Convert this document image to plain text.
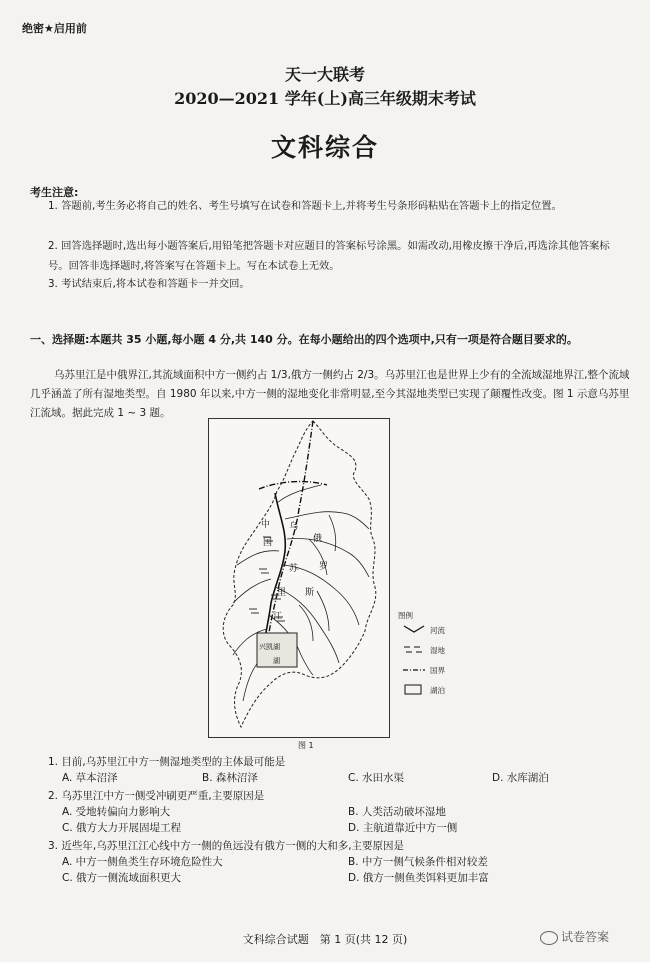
绝密★启用前
天一大联考
2020—2021 学年(上)高三年级期末考试
文科综合
考生注意:
1. 答题前,考生务必将自己的姓名、考生号填写在试卷和答题卡上,并将考生号条形码粘贴在答题卡上的指定位置。
2. 回答选择题时,选出每小题答案后,用铅笔把答题卡对应题目的答案标号涂黑。如需改动,用橡皮擦干净后,再选涂其他答案标号。回答非选择题时,将答案写在答题卡上。写在本试卷上无效。
3. 考试结束后,将本试卷和答题卡一并交回。
一、选择题:本题共 35 小题,每小题 4 分,共 140 分。在每小题给出的四个选项中,只有一项是符合题目要求的。
乌苏里江是中俄界江,其流域面积中方一侧约占 1/3,俄方一侧约占 2/3。乌苏里江也是世界上少有的全流域湿地界江,整个流域几乎涵盖了所有湿地类型。自 1980 年以来,中方一侧的湿地变化非常明显,至今其湿地类型已实现了颠覆性改变。图 1 示意乌苏里江流域。据此完成 1 ~ 3 题。
中
国
乌
俄
苏 罗
里 斯
江
兴凯湖
湖
图例
河流
湿地
国界
湖泊
图 1
1. 目前,乌苏里江中方一侧湿地类型的主体最可能是
A. 草本沼泽	B. 森林沼泽	C. 水田水渠	D. 水库湖泊
2. 乌苏里江中方一侧受冲刷更严重,主要原因是
A. 受地转偏向力影响大	B. 人类活动破坏湿地
C. 俄方大力开展固堤工程	D. 主航道靠近中方一侧
3. 近些年,乌苏里江江心线中方一侧的鱼远没有俄方一侧的大和多,主要原因是
A. 中方一侧鱼类生存环境危险性大	B. 中方一侧气候条件相对较差
C. 俄方一侧流域面积更大	D. 俄方一侧鱼类饵料更加丰富
文科综合试题　第 1 页(共 12 页)	试卷答案
